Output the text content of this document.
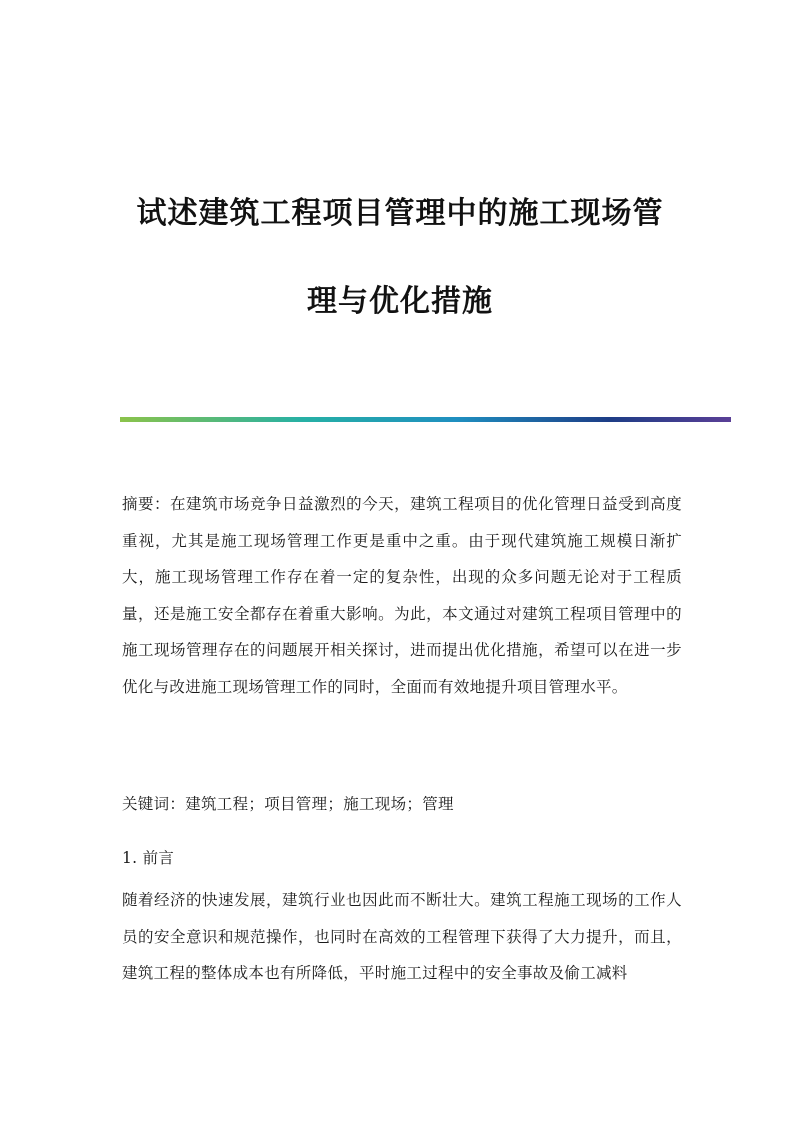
试述建筑工程项目管理中的施工现场管
理与优化措施

摘要：在建筑市场竞争日益激烈的今天，建筑工程项目的优化管理日益受到高度重视，尤其是施工现场管理工作更是重中之重。由于现代建筑施工规模日渐扩大，施工现场管理工作存在着一定的复杂性，出现的众多问题无论对于工程质量，还是施工安全都存在着重大影响。为此，本文通过对建筑工程项目管理中的施工现场管理存在的问题展开相关探讨，进而提出优化措施，希望可以在进一步优化与改进施工现场管理工作的同时，全面而有效地提升项目管理水平。

关键词：建筑工程；项目管理；施工现场；管理

1. 前言

随着经济的快速发展，建筑行业也因此而不断壮大。建筑工程施工现场的工作人员的安全意识和规范操作，也同时在高效的工程管理下获得了大力提升，而且，建筑工程的整体成本也有所降低，平时施工过程中的安全事故及偷工减料
